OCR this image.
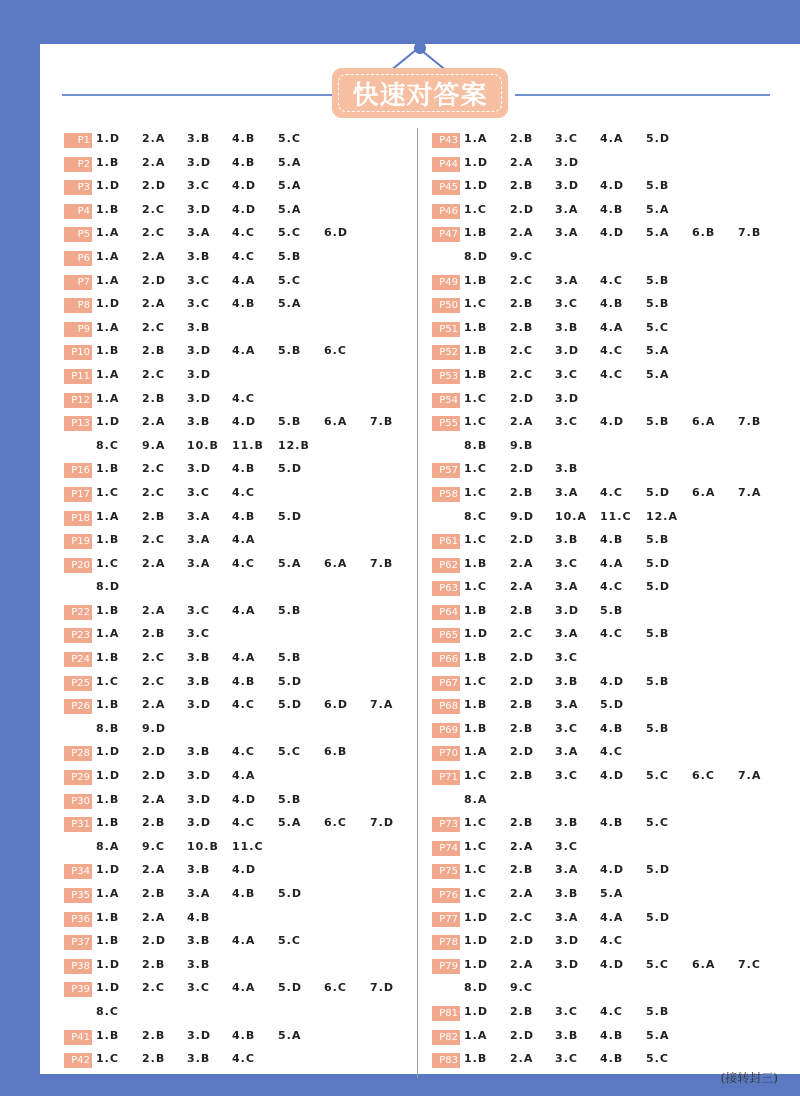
快速对答案
P1 1.D 2.A 3.B 4.B 5.C
P2 1.B 2.A 3.D 4.B 5.A
P3 1.D 2.D 3.C 4.D 5.A
P4 1.B 2.C 3.D 4.D 5.A
P5 1.A 2.C 3.A 4.C 5.C 6.D
P6 1.A 2.A 3.B 4.C 5.B
P7 1.A 2.D 3.C 4.A 5.C
P8 1.D 2.A 3.C 4.B 5.A
P9 1.A 2.C 3.B
P10 1.B 2.B 3.D 4.A 5.B 6.C
P11 1.A 2.C 3.D
P12 1.A 2.B 3.D 4.C
P13 1.D 2.A 3.B 4.D 5.B 6.A 7.B
8.C 9.A 10.B 11.B 12.B
P16 1.B 2.C 3.D 4.B 5.D
P17 1.C 2.C 3.C 4.C
P18 1.A 2.B 3.A 4.B 5.D
P19 1.B 2.C 3.A 4.A
P20 1.C 2.A 3.A 4.C 5.A 6.A 7.B
8.D
P22 1.B 2.A 3.C 4.A 5.B
P23 1.A 2.B 3.C
P24 1.B 2.C 3.B 4.A 5.B
P25 1.C 2.C 3.B 4.B 5.D
P26 1.B 2.A 3.D 4.C 5.D 6.D 7.A
8.B 9.D
P28 1.D 2.D 3.B 4.C 5.C 6.B
P29 1.D 2.D 3.D 4.A
P30 1.B 2.A 3.D 4.D 5.B
P31 1.B 2.B 3.D 4.C 5.A 6.C 7.D
8.A 9.C 10.B 11.C
P34 1.D 2.A 3.B 4.D
P35 1.A 2.B 3.A 4.B 5.D
P36 1.B 2.A 4.B
P37 1.B 2.D 3.B 4.A 5.C
P38 1.D 2.B 3.B
P39 1.D 2.C 3.C 4.A 5.D 6.C 7.D
8.C
P41 1.B 2.B 3.D 4.B 5.A
P42 1.C 2.B 3.B 4.C
P43 1.A 2.B 3.C 4.A 5.D
P44 1.D 2.A 3.D
P45 1.D 2.B 3.D 4.D 5.B
P46 1.C 2.D 3.A 4.B 5.A
P47 1.B 2.A 3.A 4.D 5.A 6.B 7.B
8.D 9.C
P49 1.B 2.C 3.A 4.C 5.B
P50 1.C 2.B 3.C 4.B 5.B
P51 1.B 2.B 3.B 4.A 5.C
P52 1.B 2.C 3.D 4.C 5.A
P53 1.B 2.C 3.C 4.C 5.A
P54 1.C 2.D 3.D
P55 1.C 2.A 3.C 4.D 5.B 6.A 7.B
8.B 9.B
P57 1.C 2.D 3.B
P58 1.C 2.B 3.A 4.C 5.D 6.A 7.A
8.C 9.D 10.A 11.C 12.A
P61 1.C 2.D 3.B 4.B 5.B
P62 1.B 2.A 3.C 4.A 5.D
P63 1.C 2.A 3.A 4.C 5.D
P64 1.B 2.B 3.D 5.B
P65 1.D 2.C 3.A 4.C 5.B
P66 1.B 2.D 3.C
P67 1.C 2.D 3.B 4.D 5.B
P68 1.B 2.B 3.A 5.D
P69 1.B 2.B 3.C 4.B 5.B
P70 1.A 2.D 3.A 4.C
P71 1.C 2.B 3.C 4.D 5.C 6.C 7.A
8.A
P73 1.C 2.B 3.B 4.B 5.C
P74 1.C 2.A 3.C
P75 1.C 2.B 3.A 4.D 5.D
P76 1.C 2.A 3.B 5.A
P77 1.D 2.C 3.A 4.A 5.D
P78 1.D 2.D 3.D 4.C
P79 1.D 2.A 3.D 4.D 5.C 6.A 7.C
8.D 9.C
P81 1.D 2.B 3.C 4.C 5.B
P82 1.A 2.D 3.B 4.B 5.A
P83 1.B 2.A 3.C 4.B 5.C
(接转封三)
